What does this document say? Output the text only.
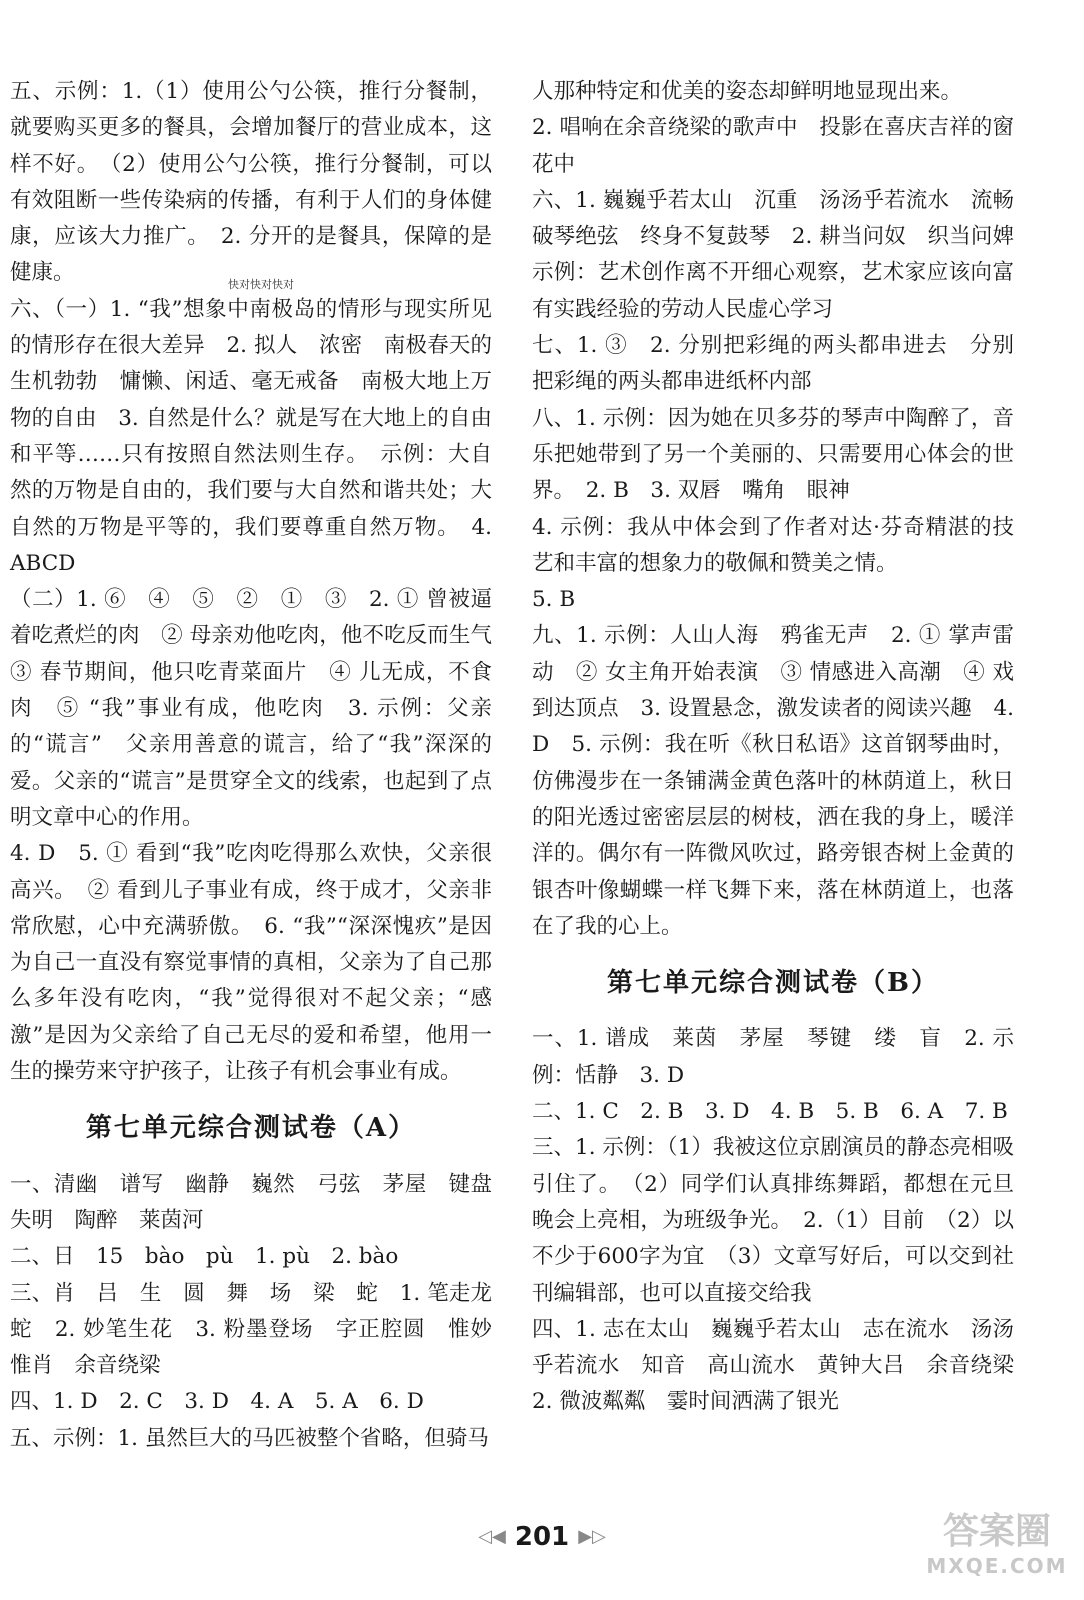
五、示例：1.（1）使用公勺公筷，推行分餐制，就要购买更多的餐具，会增加餐厅的营业成本，这样不好。　（2）使用公勺公筷，推行分餐制，可以有效阻断一些传染病的传播，有利于人们的身体健康，应该大力推广。　2. 分开的是餐具，保障的是健康。

六、（一）1. “我”想象中南极岛的情形与现实所见的情形存在很大差异　2. 拟人　浓密　南极春天的生机勃勃　慵懒、闲适、毫无戒备　南极大地上万物的自由　3. 自然是什么？就是写在大地上的自由和平等……只有按照自然法则生存。　示例：大自然的万物是自由的，我们要与大自然和谐共处；大自然的万物是平等的，我们要尊重自然万物。　4. ABCD

（二）1. ⑥　④　⑤　②　①　③　2. ① 曾被逼着吃煮烂的肉　② 母亲劝他吃肉，他不吃反而生气　③ 春节期间，他只吃青菜面片　④ 儿无成，不食肉　⑤ “我”事业有成，他吃肉　3. 示例：父亲的“谎言”　父亲用善意的谎言，给了“我”深深的爱。父亲的“谎言”是贯穿全文的线索，也起到了点明文章中心的作用。

4. D　5. ① 看到“我”吃肉吃得那么欢快，父亲很高兴。　② 看到儿子事业有成，终于成才，父亲非常欣慰，心中充满骄傲。　6. “我”“深深愧疚”是因为自己一直没有察觉事情的真相，父亲为了自己那么多年没有吃肉，“我”觉得很对不起父亲；“感激”是因为父亲给了自己无尽的爱和希望，他用一生的操劳来守护孩子，让孩子有机会事业有成。

第七单元综合测试卷（A）

一、清幽　谱写　幽静　巍然　弓弦　茅屋　键盘　失明　陶醉　莱茵河

二、日　15　bào　pù　1. pù　2. bào

三、肖　吕　生　圆　舞　场　梁　蛇　1. 笔走龙蛇　2. 妙笔生花　3. 粉墨登场　字正腔圆　惟妙惟肖　余音绕梁

四、1. D　2. C　3. D　4. A　5. A　6. D

五、示例：1. 虽然巨大的马匹被整个省略，但骑马

快对快对快对

人那种特定和优美的姿态却鲜明地显现出来。

2. 唱响在余音绕梁的歌声中　投影在喜庆吉祥的窗花中

六、1. 巍巍乎若太山　沉重　汤汤乎若流水　流畅　破琴绝弦　终身不复鼓琴　2. 耕当问奴　织当问婢　示例：艺术创作离不开细心观察，艺术家应该向富有实践经验的劳动人民虚心学习

七、1. ③　2. 分别把彩绳的两头都串进去　分别把彩绳的两头都串进纸杯内部

八、1. 示例：因为她在贝多芬的琴声中陶醉了，音乐把她带到了另一个美丽的、只需要用心体会的世界。　2. B　3. 双唇　嘴角　眼神

4. 示例：我从中体会到了作者对达·芬奇精湛的技艺和丰富的想象力的敬佩和赞美之情。

5. B

九、1. 示例：人山人海　鸦雀无声　2. ① 掌声雷动　② 女主角开始表演　③ 情感进入高潮　④ 戏到达顶点　3. 设置悬念，激发读者的阅读兴趣　4. D　5. 示例：我在听《秋日私语》这首钢琴曲时，仿佛漫步在一条铺满金黄色落叶的林荫道上，秋日的阳光透过密密层层的树枝，洒在我的身上，暖洋洋的。偶尔有一阵微风吹过，路旁银杏树上金黄的银杏叶像蝴蝶一样飞舞下来，落在林荫道上，也落在了我的心上。

第七单元综合测试卷（B）

一、1. 谱成　莱茵　茅屋　琴键　缕　盲　2. 示例：恬静　3. D

二、1. C　2. B　3. D　4. B　5. B　6. A　7. B

三、1. 示例：（1）我被这位京剧演员的静态亮相吸引住了。　（2）同学们认真排练舞蹈，都想在元旦晚会上亮相，为班级争光。　2.（1）目前　（2）以不少于600字为宜　（3）文章写好后，可以交到社刊编辑部，也可以直接交给我

四、1. 志在太山　巍巍乎若太山　志在流水　汤汤乎若流水　知音　高山流水　黄钟大吕　余音绕梁　2. 微波粼粼　霎时间洒满了银光

◁◀ 201 ▶▷	答案圈
MXQE.COM
